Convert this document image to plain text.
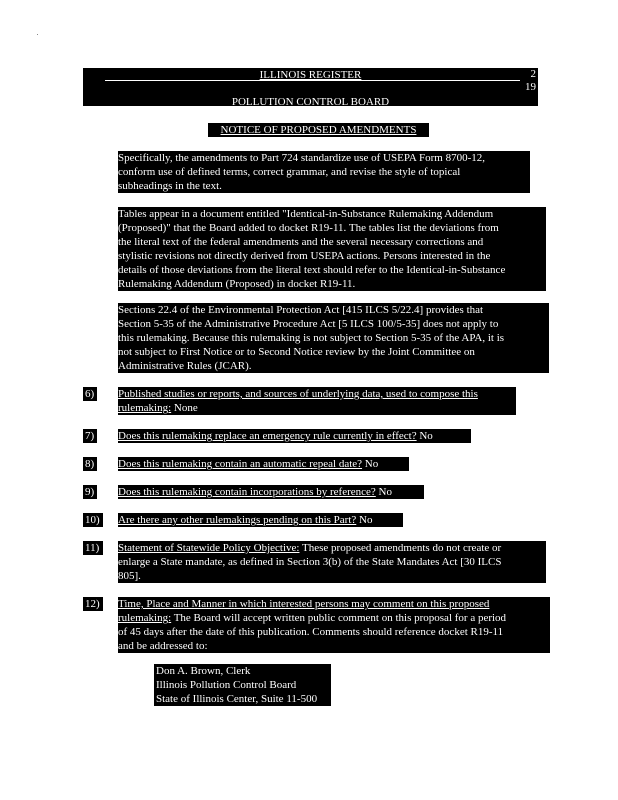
ILLINOIS REGISTER	2
19
POLLUTION CONTROL BOARD
NOTICE OF PROPOSED AMENDMENTS
Specifically, the amendments to Part 724 standardize use of USEPA Form 8700-12,
conform use of defined terms, correct grammar, and revise the style of topical
subheadings in the text.
Tables appear in a document entitled "Identical-in-Substance Rulemaking Addendum
(Proposed)" that the Board added to docket R19-11. The tables list the deviations from
the literal text of the federal amendments and the several necessary corrections and
stylistic revisions not directly derived from USEPA actions. Persons interested in the
details of those deviations from the literal text should refer to the Identical-in-Substance
Rulemaking Addendum (Proposed) in docket R19-11.
Sections 22.4 of the Environmental Protection Act [415 ILCS 5/22.4] provides that
Section 5-35 of the Administrative Procedure Act [5 ILCS 100/5-35] does not apply to
this rulemaking. Because this rulemaking is not subject to Section 5-35 of the APA, it is
not subject to First Notice or to Second Notice review by the Joint Committee on
Administrative Rules (JCAR).
6) Published studies or reports, and sources of underlying data, used to compose this
rulemaking: None
7) Does this rulemaking replace an emergency rule currently in effect? No
8) Does this rulemaking contain an automatic repeal date? No
9) Does this rulemaking contain incorporations by reference? No
10)	Are there any other rulemakings pending on this Part? No
11)	Statement of Statewide Policy Objective: These proposed amendments do not create or
enlarge a State mandate, as defined in Section 3(b) of the State Mandates Act [30 ILCS
805].
12)	Time, Place and Manner in which interested persons may comment on this proposed
rulemaking: The Board will accept written public comment on this proposal for a period
of 45 days after the date of this publication. Comments should reference docket R19-11
and be addressed to:
Don A. Brown, Clerk
Illinois Pollution Control Board
State of Illinois Center, Suite 11-500
